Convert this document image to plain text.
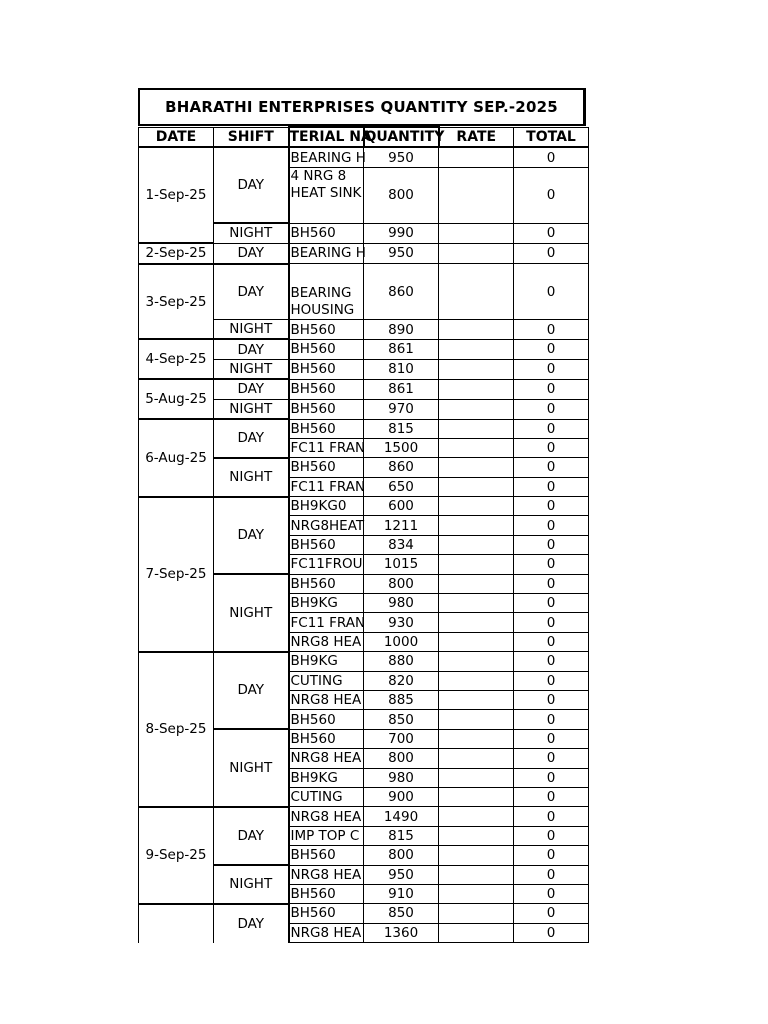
BHARATHI ENTERPRISES QUANTITY SEP.-2025
DATE	SHIFT	TERIAL NA	QUANTITY	RATE	TOTAL
1-Sep-25	DAY	BEARING H	950		0
		4 NRG 8 HEAT SINK	800		0
	NIGHT	BH560	990		0
2-Sep-25	DAY	BEARING H	950		0
3-Sep-25	DAY	BEARING HOUSING	860		0
	NIGHT	BH560	890		0
4-Sep-25	DAY	BH560	861		0
	NIGHT	BH560	810		0
5-Aug-25	DAY	BH560	861		0
	NIGHT	BH560	970		0
6-Aug-25	DAY	BH560	815		0
		FC11 FRAN	1500		0
	NIGHT	BH560	860		0
		FC11 FRAN	650		0
7-Sep-25	DAY	BH9KG0	600		0
		NRG8HEAT	1211		0
		BH560	834		0
		FC11FROU	1015		0
	NIGHT	BH560	800		0
		BH9KG	980		0
		FC11 FRAN	930		0
		NRG8 HEA	1000		0
8-Sep-25	DAY	BH9KG	880		0
		CUTING	820		0
		NRG8 HEA	885		0
		BH560	850		0
	NIGHT	BH560	700		0
		NRG8 HEA	800		0
		BH9KG	980		0
		CUTING	900		0
9-Sep-25	DAY	NRG8 HEA	1490		0
		IMP TOP C	815		0
		BH560	800		0
	NIGHT	NRG8 HEA	950		0
		BH560	910		0
	DAY	BH560	850		0
		NRG8 HEA	1360		0
